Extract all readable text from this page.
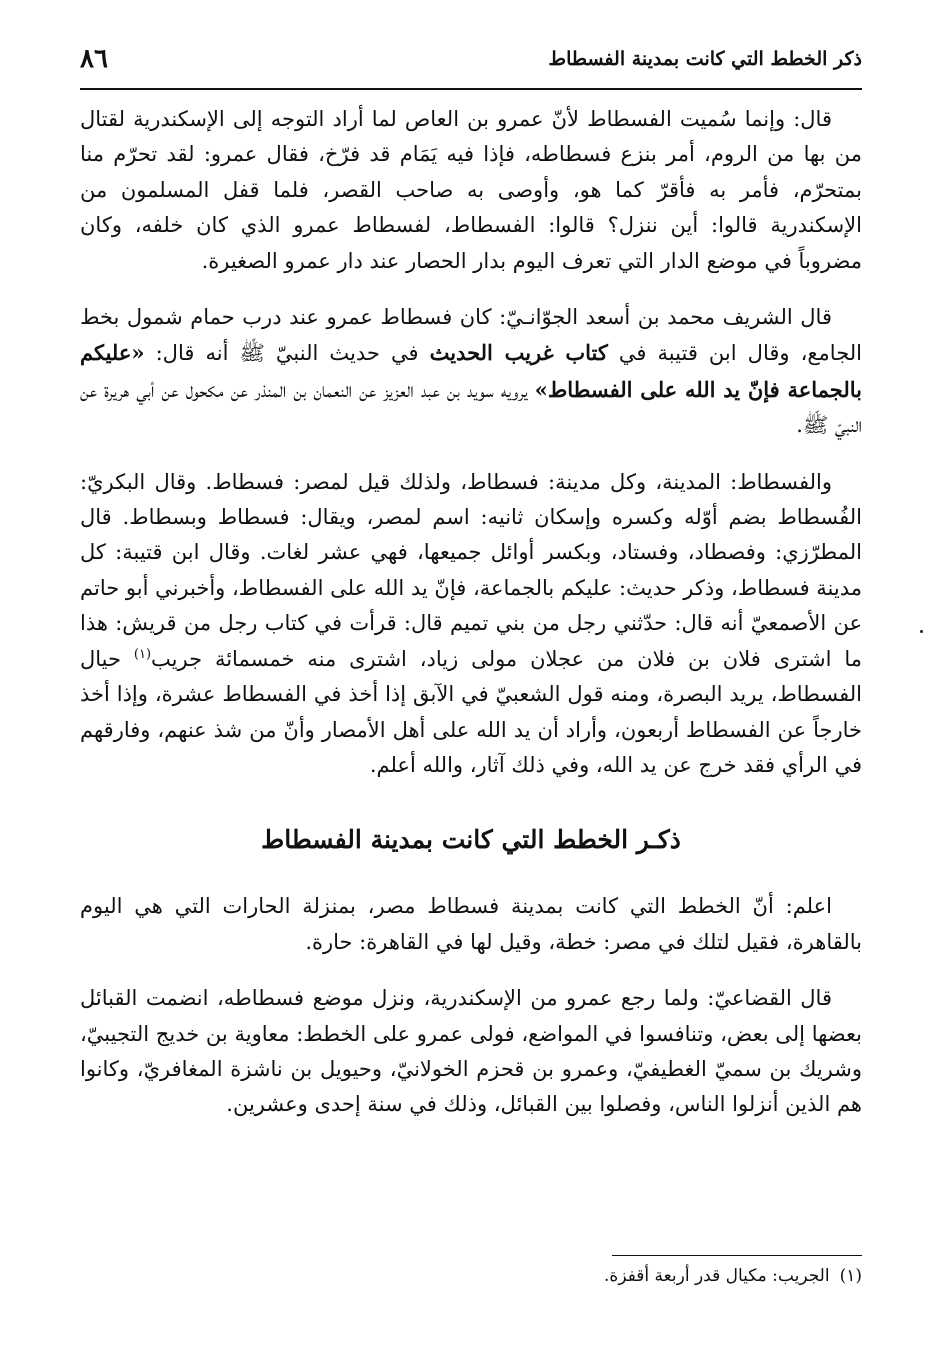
ذكر الخطط التي كانت بمدينة الفسطاط
٨٦

قال: وإنما سُميت الفسطاط لأنّ عمرو بن العاص لما أراد التوجه إلى الإسكندرية لقتال من بها من الروم، أمر بنزع فسطاطه، فإذا فيه يَمَام قد فرّخ، فقال عمرو: لقد تحرّم منا بمتحرّم، فأمر به فأقرّ كما هو، وأوصى به صاحب القصر، فلما قفل المسلمون من الإسكندرية قالوا: أين ننزل؟ قالوا: الفسطاط، لفسطاط عمرو الذي كان خلفه، وكان مضروباً في موضع الدار التي تعرف اليوم بدار الحصار عند دار عمرو الصغيرة.

قال الشريف محمد بن أسعد الجوّانـيّ: كان فسطاط عمرو عند درب حمام شمول بخط الجامع، وقال ابن قتيبة في كتاب غريب الحديث في حديث النبيّ ﷺ أنه قال: «عليكم بالجماعة فإنّ يد الله على الفسطاط» يرويه سويد بن عبد العزيز عن النعمان بن المنذر عن مكحول عن أبي هريرة عن النبيّ ﷺ.

والفسطاط: المدينة، وكل مدينة: فسطاط، ولذلك قيل لمصر: فسطاط. وقال البكريّ: الفُسطاط بضم أوّله وكسره وإسكان ثانيه: اسم لمصر، ويقال: فسطاط وبسطاط. قال المطرّزي: وفصطاد، وفستاد، وبكسر أوائل جميعها، فهي عشر لغات. وقال ابن قتيبة: كل مدينة فسطاط، وذكر حديث: عليكم بالجماعة، فإنّ يد الله على الفسطاط، وأخبرني أبو حاتم عن الأصمعيّ أنه قال: حدّثني رجل من بني تميم قال: قرأت في كتاب رجل من قريش: هذا ما اشترى فلان بن فلان من عجلان مولى زياد، اشترى منه خمسمائة جريب$^{(١)}$ حيال الفسطاط، يريد البصرة، ومنه قول الشعبيّ في الآبق إذا أخذ في الفسطاط عشرة، وإذا أخذ خارجاً عن الفسطاط أربعون، وأراد أن يد الله على أهل الأمصار وأنّ من شذ عنهم، وفارقهم في الرأي فقد خرج عن يد الله، وفي ذلك آثار، والله أعلم.

ذكـر الخطط التي كانت بمدينة الفسطاط

اعلم: أنّ الخطط التي كانت بمدينة فسطاط مصر، بمنزلة الحارات التي هي اليوم بالقاهرة، فقيل لتلك في مصر: خطة، وقيل لها في القاهرة: حارة.

قال القضاعيّ: ولما رجع عمرو من الإسكندرية، ونزل موضع فسطاطه، انضمت القبائل بعضها إلى بعض، وتنافسوا في المواضع، فولى عمرو على الخطط: معاوية بن خديج التجيبيّ، وشريك بن سميّ الغطيفيّ، وعمرو بن قحزم الخولانيّ، وحيويل بن ناشزة المغافريّ، وكانوا هم الذين أنزلوا الناس، وفصلوا بين القبائل، وذلك في سنة إحدى وعشرين.

(١)الجريب: مكيال قدر أربعة أقفزة.
